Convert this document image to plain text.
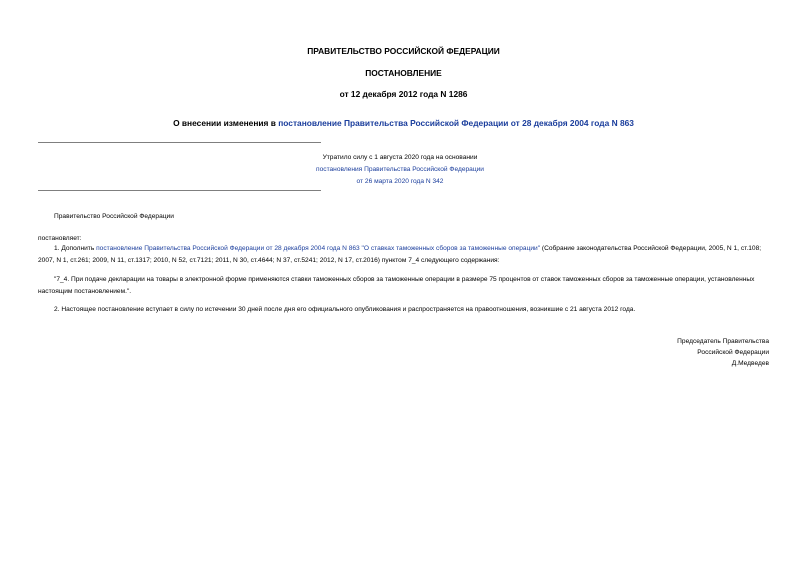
ПРАВИТЕЛЬСТВО РОССИЙСКОЙ ФЕДЕРАЦИИ
ПОСТАНОВЛЕНИЕ
от 12 декабря 2012 года N 1286
О внесении изменения в постановление Правительства Российской Федерации от 28 декабря 2004 года N 863
Утратило силу с 1 августа 2020 года на основании
постановления Правительства Российской Федерации
от 26 марта 2020 года N 342
Правительство Российской Федерации
постановляет:
1. Дополнить постановление Правительства Российской Федерации от 28 декабря 2004 года N 863 "О ставках таможенных сборов за таможенные операции" (Собрание законодательства Российской Федерации, 2005, N 1, ст.108; 2007, N 1, ст.261; 2009, N 11, ст.1317; 2010, N 52, ст.7121; 2011, N 30, ст.4644; N 37, ст.5241; 2012, N 17, ст.2016) пунктом 7_4 следующего содержания:
"7_4. При подаче декларации на товары в электронной форме применяются ставки таможенных сборов за таможенные операции в размере 75 процентов от ставок таможенных сборов за таможенные операции, установленных настоящим постановлением.".
2. Настоящее постановление вступает в силу по истечении 30 дней после дня его официального опубликования и распространяется на правоотношения, возникшие с 21 августа 2012 года.
Председатель Правительства
Российской Федерации
Д.Медведев
